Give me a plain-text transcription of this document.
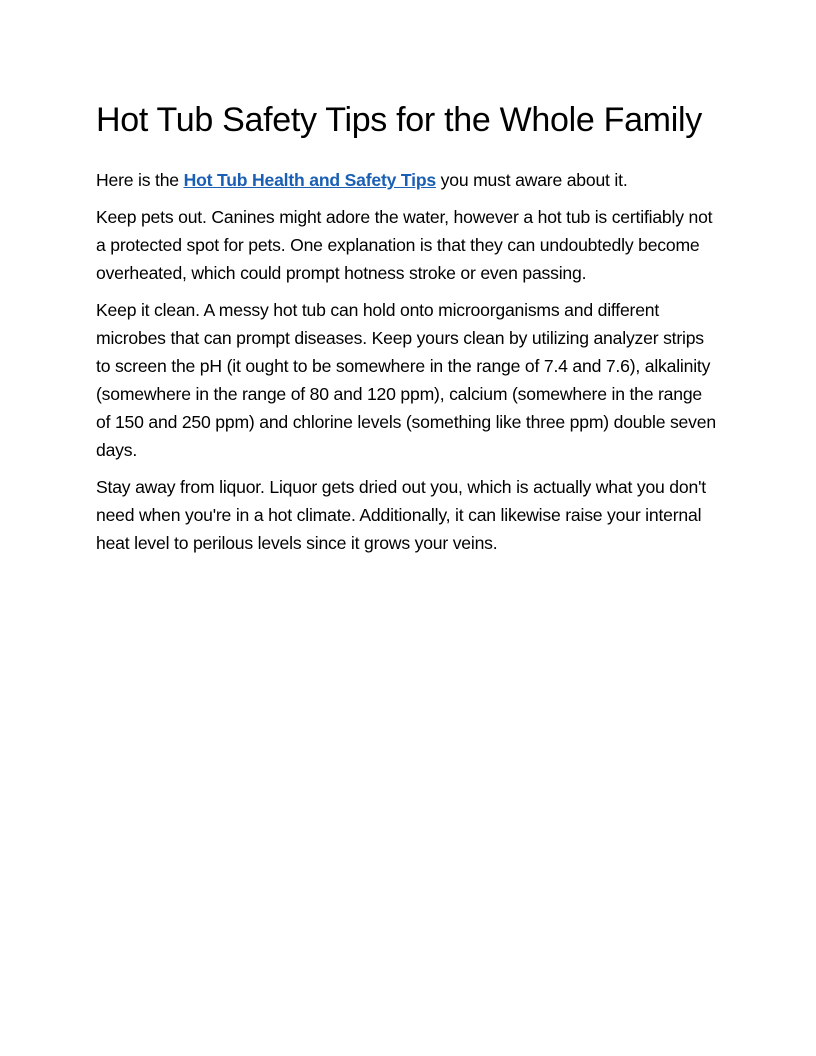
Hot Tub Safety Tips for the Whole Family

Here is the Hot Tub Health and Safety Tips you must aware about it.

Keep pets out. Canines might adore the water, however a hot tub is certifiably not a protected spot for pets. One explanation is that they can undoubtedly become overheated, which could prompt hotness stroke or even passing.

Keep it clean. A messy hot tub can hold onto microorganisms and different microbes that can prompt diseases. Keep yours clean by utilizing analyzer strips to screen the pH (it ought to be somewhere in the range of 7.4 and 7.6), alkalinity (somewhere in the range of 80 and 120 ppm), calcium (somewhere in the range of 150 and 250 ppm) and chlorine levels (something like three ppm) double seven days.

Stay away from liquor. Liquor gets dried out you, which is actually what you don't need when you're in a hot climate. Additionally, it can likewise raise your internal heat level to perilous levels since it grows your veins.
